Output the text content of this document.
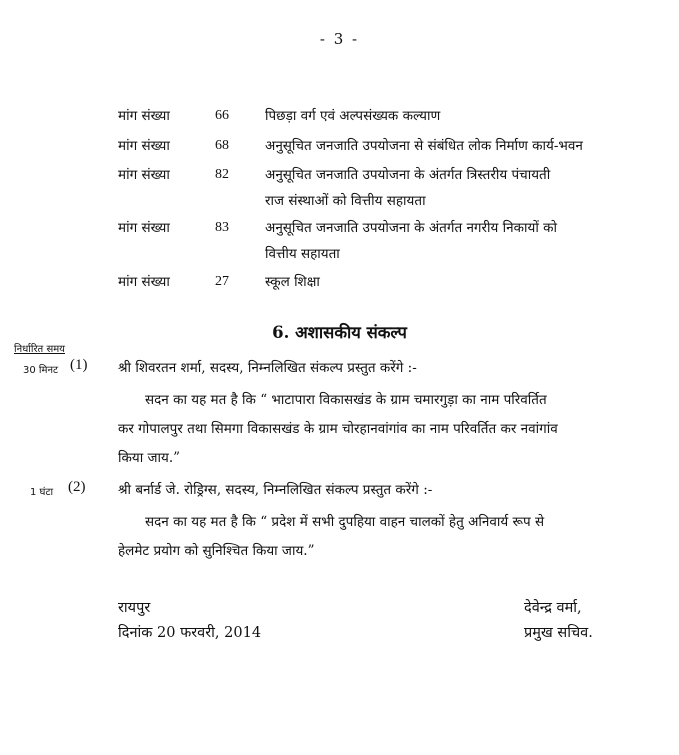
- 3 -
मांग संख्या	66	पिछड़ा वर्ग एवं अल्पसंख्यक कल्याण
मांग संख्या	68	अनुसूचित जनजाति उपयोजना से संबंधित लोक निर्माण कार्य-भवन
मांग संख्या	82	अनुसूचित जनजाति उपयोजना के अंतर्गत त्रिस्तरीय पंचायती
राज संस्थाओं को वित्तीय सहायता
मांग संख्या	83	अनुसूचित जनजाति उपयोजना के अंतर्गत नगरीय निकायों को
वित्तीय सहायता
मांग संख्या	27	स्कूल शिक्षा
6. अशासकीय संकल्प
निर्धारित समय
30 मिनट (1) श्री शिवरतन शर्मा, सदस्य, निम्नलिखित संकल्प प्रस्तुत करेंगे :-
सदन का यह मत है कि “ भाटापारा विकासखंड के ग्राम चमारगुड़ा का नाम परिवर्तित
कर गोपालपुर तथा सिमगा विकासखंड के ग्राम चोरहानवांगांव का नाम परिवर्तित कर नवांगांव
किया जाय.”
1 घंटा (2) श्री बर्नार्ड जे. रोड्रिग्स, सदस्य, निम्नलिखित संकल्प प्रस्तुत करेंगे :-
सदन का यह मत है कि “ प्रदेश में सभी दुपहिया वाहन चालकों हेतु अनिवार्य रूप से
हेलमेट प्रयोग को सुनिश्चित किया जाय.”
रायपुर
दिनांक 20 फरवरी, 2014
देवेन्द्र वर्मा,
प्रमुख सचिव.
